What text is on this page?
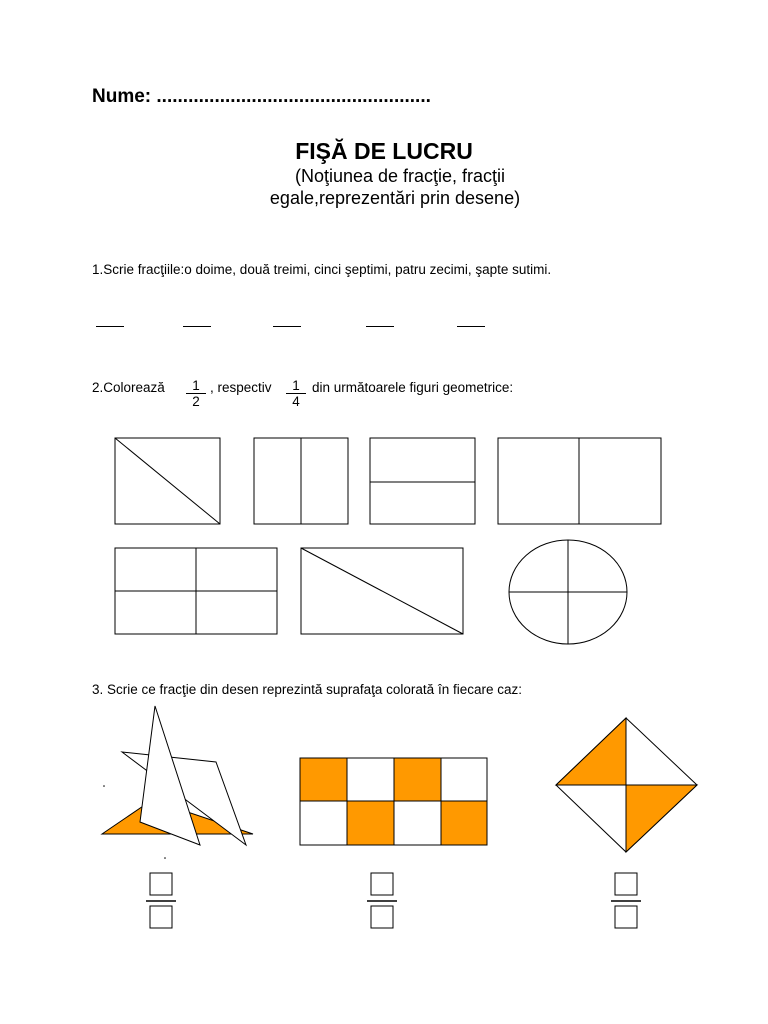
Nume: ....................................................
FIŞĂ DE LUCRU
(Noţiunea de fracţie, fracţii
egale,reprezentări prin desene)
1.Scrie fracţiile:o doime, două treimi, cinci şeptimi, patru zecimi, şapte sutimi.
2.Colorează $\frac{1}{2}$ , respectiv $\frac{1}{4}$ din următoarele figuri geometrice:
3. Scrie ce fracţie din desen reprezintă suprafaţa colorată în fiecare caz:
